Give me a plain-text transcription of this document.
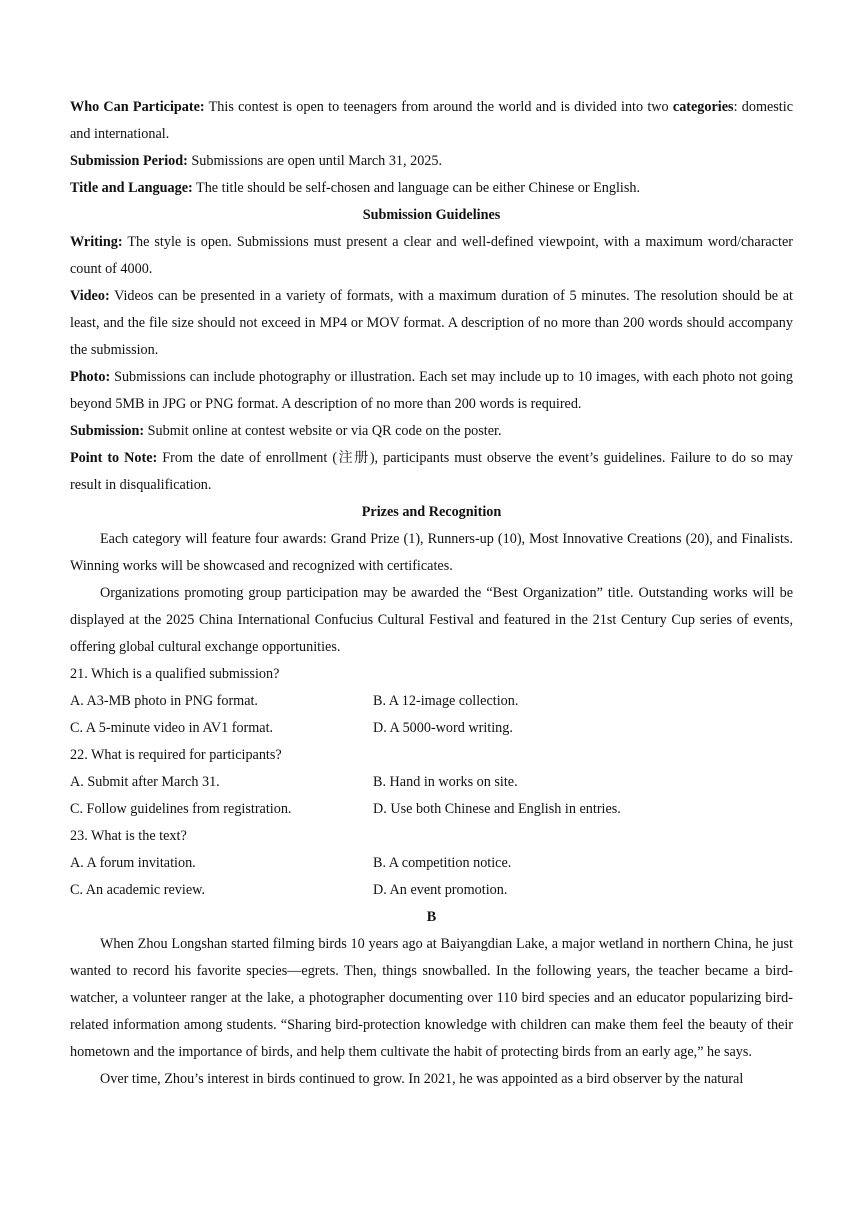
Who Can Participate: This contest is open to teenagers from around the world and is divided into two categories: domestic and international.

Submission Period: Submissions are open until March 31, 2025.

Title and Language: The title should be self-chosen and language can be either Chinese or English.

Submission Guidelines

Writing: The style is open. Submissions must present a clear and well-defined viewpoint, with a maximum word/character count of 4000.

Video: Videos can be presented in a variety of formats, with a maximum duration of 5 minutes. The resolution should be at least, and the file size should not exceed in MP4 or MOV format. A description of no more than 200 words should accompany the submission.

Photo: Submissions can include photography or illustration. Each set may include up to 10 images, with each photo not going beyond 5MB in JPG or PNG format. A description of no more than 200 words is required.

Submission: Submit online at contest website or via QR code on the poster.

Point to Note: From the date of enrollment (注册), participants must observe the event’s guidelines. Failure to do so may result in disqualification.

Prizes and Recognition

Each category will feature four awards: Grand Prize (1), Runners-up (10), Most Innovative Creations (20), and Finalists. Winning works will be showcased and recognized with certificates.

Organizations promoting group participation may be awarded the “Best Organization” title. Outstanding works will be displayed at the 2025 China International Confucius Cultural Festival and featured in the 21st Century Cup series of events, offering global cultural exchange opportunities.

21. Which is a qualified submission?
A. A3-MB photo in PNG format.	B. A 12-image collection.
C. A 5-minute video in AV1 format.	D. A 5000-word writing.
22. What is required for participants?
A. Submit after March 31.	B. Hand in works on site.
C. Follow guidelines from registration.	D. Use both Chinese and English in entries.
23. What is the text?
A. A forum invitation.	B. A competition notice.
C. An academic review.	D. An event promotion.
B

When Zhou Longshan started filming birds 10 years ago at Baiyangdian Lake, a major wetland in northern China, he just wanted to record his favorite species—egrets. Then, things snowballed. In the following years, the teacher became a bird-watcher, a volunteer ranger at the lake, a photographer documenting over 110 bird species and an educator popularizing bird-related information among students. “Sharing bird-protection knowledge with children can make them feel the beauty of their hometown and the importance of birds, and help them cultivate the habit of protecting birds from an early age,” he says.

Over time, Zhou’s interest in birds continued to grow. In 2021, he was appointed as a bird observer by the natural
